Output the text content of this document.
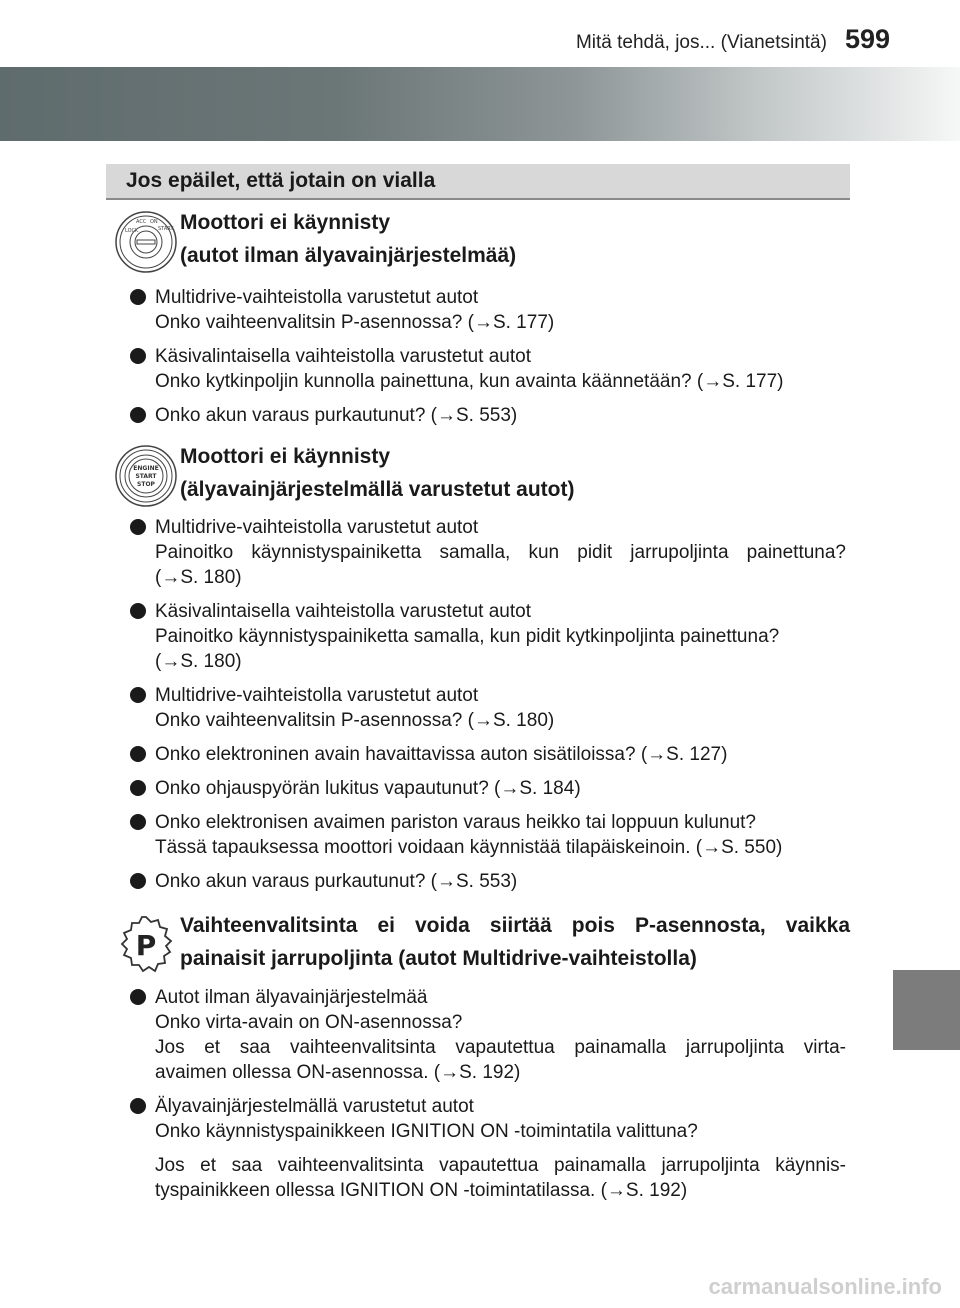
Mitä tehdä, jos... (Vianetsintä) 599
Jos epäilet, että jotain on vialla
LOCK
ACC ON
START Moottori ei käynnisty
(autot ilman älyavainjärjestelmää)
Multidrive-vaihteistolla varustetut autot
Onko vaihteenvalitsin P-asennossa? (→S. 177)
Käsivalintaisella vaihteistolla varustetut autot
Onko kytkinpoljin kunnolla painettuna, kun avainta käännetään? (→S. 177)
Onko akun varaus purkautunut? (→S. 553)
ENGINE
START
STOP
Moottori ei käynnisty
(älyavainjärjestelmällä varustetut autot)
Multidrive-vaihteistolla varustetut autot
Painoitko käynnistyspainiketta samalla, kun pidit jarrupoljinta painettuna?
(→S. 180)
Käsivalintaisella vaihteistolla varustetut autot
Painoitko käynnistyspainiketta samalla, kun pidit kytkinpoljinta painettuna?
(→S. 180)
Multidrive-vaihteistolla varustetut autot
Onko vaihteenvalitsin P-asennossa? (→S. 180)
Onko elektroninen avain havaittavissa auton sisätiloissa? (→S. 127)
Onko ohjauspyörän lukitus vapautunut? (→S. 184)
Onko elektronisen avaimen pariston varaus heikko tai loppuun kulunut?
Tässä tapauksessa moottori voidaan käynnistää tilapäiskeinoin. (→S. 550)
Onko akun varaus purkautunut? (→S. 553)
P
Vaihteenvalitsinta ei voida siirtää pois P-asennosta, vaikka
painaisit jarrupoljinta (autot Multidrive-vaihteistolla)
Autot ilman älyavainjärjestelmää
Onko virta-avain on ON-asennossa?
Jos et saa vaihteenvalitsinta vapautettua painamalla jarrupoljinta virta-
avaimen ollessa ON-asennossa. (→S. 192)
Älyavainjärjestelmällä varustetut autot
Onko käynnistyspainikkeen IGNITION ON -toimintatila valittuna?
Jos et saa vaihteenvalitsinta vapautettua painamalla jarrupoljinta käynnis-
tyspainikkeen ollessa IGNITION ON -toimintatilassa. (→S. 192)
carmanualsonline.info
